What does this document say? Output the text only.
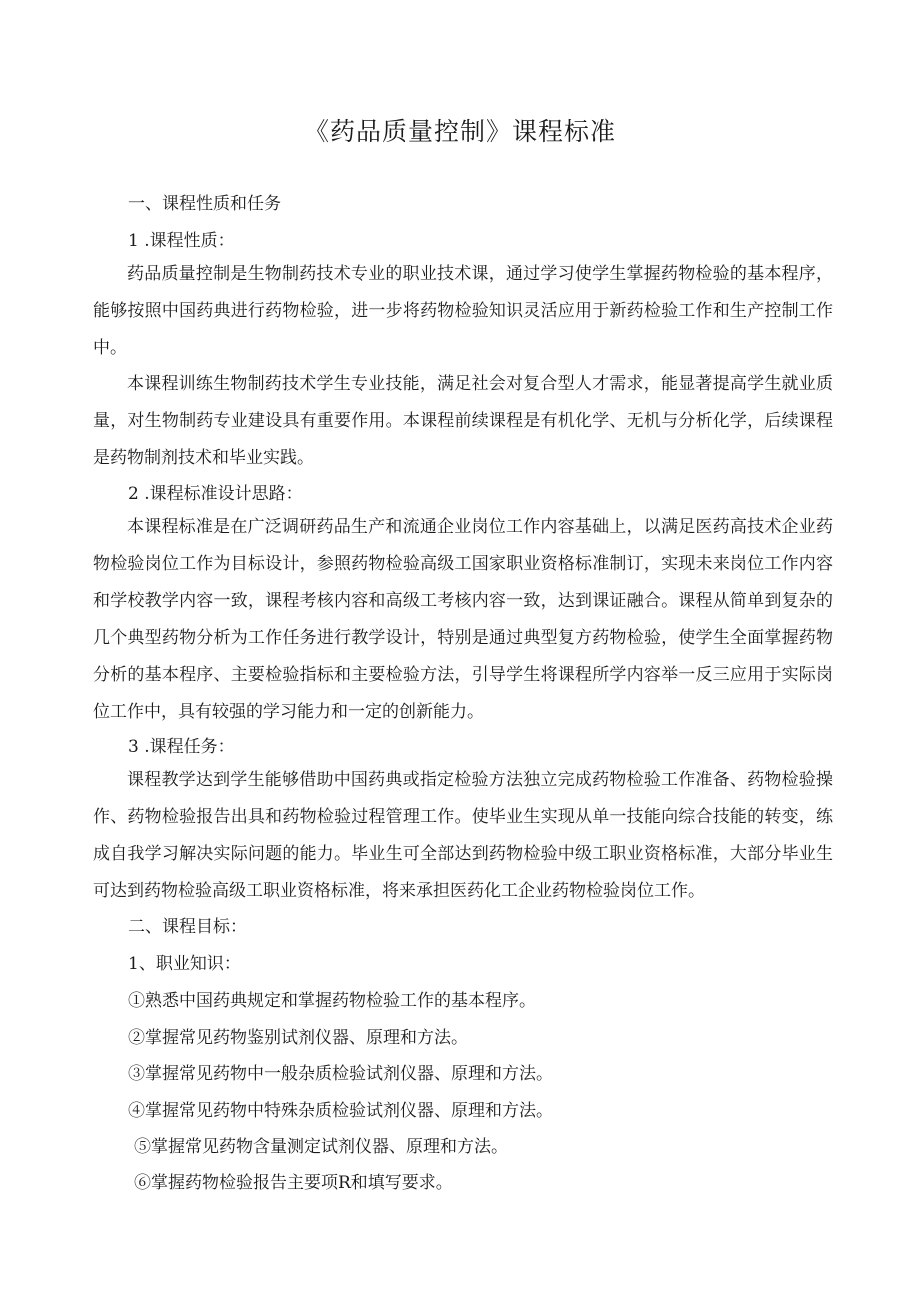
《药品质量控制》课程标准
一、课程性质和任务
1 .课程性质：
药品质量控制是生物制药技术专业的职业技术课，通过学习使学生掌握药物检验的基本程序，能够按照中国药典进行药物检验，进一步将药物检验知识灵活应用于新药检验工作和生产控制工作中。
本课程训练生物制药技术学生专业技能，满足社会对复合型人才需求，能显著提高学生就业质量，对生物制药专业建设具有重要作用。本课程前续课程是有机化学、无机与分析化学，后续课程是药物制剂技术和毕业实践。
2 .课程标准设计思路：
本课程标准是在广泛调研药品生产和流通企业岗位工作内容基础上，以满足医药高技术企业药物检验岗位工作为目标设计，参照药物检验高级工国家职业资格标准制订，实现未来岗位工作内容和学校教学内容一致，课程考核内容和高级工考核内容一致，达到课证融合。课程从简单到复杂的几个典型药物分析为工作任务进行教学设计，特别是通过典型复方药物检验，使学生全面掌握药物分析的基本程序、主要检验指标和主要检验方法，引导学生将课程所学内容举一反三应用于实际岗位工作中，具有较强的学习能力和一定的创新能力。
3 .课程任务：
课程教学达到学生能够借助中国药典或指定检验方法独立完成药物检验工作准备、药物检验操作、药物检验报告出具和药物检验过程管理工作。使毕业生实现从单一技能向综合技能的转变，练成自我学习解决实际问题的能力。毕业生可全部达到药物检验中级工职业资格标准，大部分毕业生可达到药物检验高级工职业资格标准，将来承担医药化工企业药物检验岗位工作。
二、课程目标：
1、职业知识：
①熟悉中国药典规定和掌握药物检验工作的基本程序。
②掌握常见药物鉴别试剂仪器、原理和方法。
③掌握常见药物中一般杂质检验试剂仪器、原理和方法。
④掌握常见药物中特殊杂质检验试剂仪器、原理和方法。
⑤掌握常见药物含量测定试剂仪器、原理和方法。
⑥掌握药物检验报告主要项R和填写要求。
